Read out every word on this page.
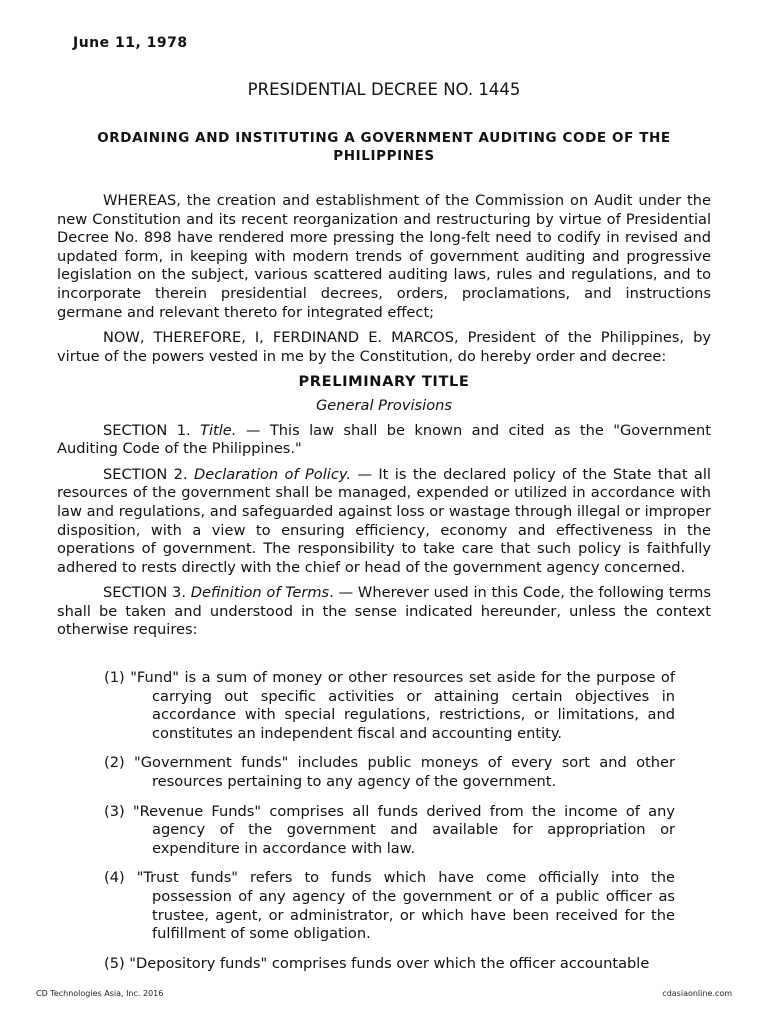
June 11, 1978
PRESIDENTIAL DECREE NO. 1445
ORDAINING AND INSTITUTING A GOVERNMENT AUDITING CODE OF THE PHILIPPINES

WHEREAS, the creation and establishment of the Commission on Audit under the new Constitution and its recent reorganization and restructuring by virtue of Presidential Decree No. 898 have rendered more pressing the long-felt need to codify in revised and updated form, in keeping with modern trends of government auditing and progressive legislation on the subject, various scattered auditing laws, rules and regulations, and to incorporate therein presidential decrees, orders, proclamations, and instructions germane and relevant thereto for integrated effect;

NOW, THEREFORE, I, FERDINAND E. MARCOS, President of the Philippines, by virtue of the powers vested in me by the Constitution, do hereby order and decree:

PRELIMINARY TITLE
General Provisions

SECTION 1. Title. — This law shall be known and cited as the "Government Auditing Code of the Philippines."

SECTION 2. Declaration of Policy. — It is the declared policy of the State that all resources of the government shall be managed, expended or utilized in accordance with law and regulations, and safeguarded against loss or wastage through illegal or improper disposition, with a view to ensuring efficiency, economy and effectiveness in the operations of government. The responsibility to take care that such policy is faithfully adhered to rests directly with the chief or head of the government agency concerned.

SECTION 3. Definition of Terms. — Wherever used in this Code, the following terms shall be taken and understood in the sense indicated hereunder, unless the context otherwise requires:

(1) "Fund" is a sum of money or other resources set aside for the purpose of carrying out specific activities or attaining certain objectives in accordance with special regulations, restrictions, or limitations, and constitutes an independent fiscal and accounting entity.
(2) "Government funds" includes public moneys of every sort and other resources pertaining to any agency of the government.
(3) "Revenue Funds" comprises all funds derived from the income of any agency of the government and available for appropriation or expenditure in accordance with law.
(4) "Trust funds" refers to funds which have come officially into the possession of any agency of the government or of a public officer as trustee, agent, or administrator, or which have been received for the fulfillment of some obligation.
(5) "Depository funds" comprises funds over which the officer accountable
CD Technologies Asia, Inc. 2016	cdasiaonline.com
